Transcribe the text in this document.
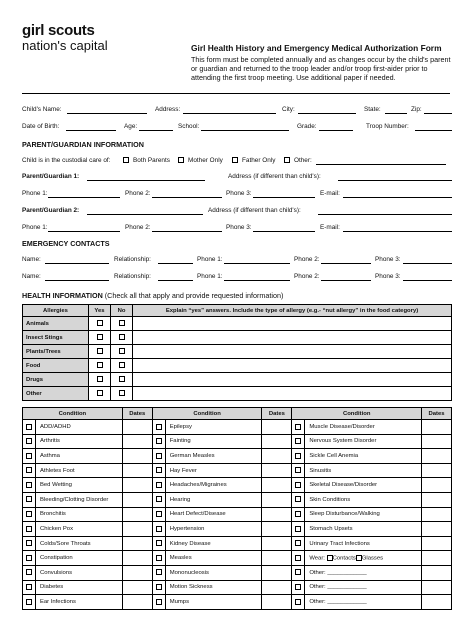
girl scouts
nation's capital	Girl Health History and Emergency Medical Authorization Form
This form must be completed annually and as changes occur by the child's parent or guardian and returned to the troop leader and/or troop first-aider prior to attending the first troop meeting. Use additional paper if needed.
Child's Name:	Address:	City:	State:	Zip:
Date of Birth:	Age:	School:	Grade:	Troop Number:
PARENT/GUARDIAN INFORMATION
Child is in the custodial care of:	Both Parents	Mother Only	Father Only	Other:
Parent/Guardian 1:	Address (if different than child's):
Phone 1:	Phone 2:	Phone 3:	E-mail:
Parent/Guardian 2:	Address (if different than child's):
Phone 1:	Phone 2:	Phone 3:	E-mail:
EMERGENCY CONTACTS
Name:	Relationship:	Phone 1:	Phone 2:	Phone 3:
Name:	Relationship:	Phone 1:	Phone 2:	Phone 3:
HEALTH INFORMATION (Check all that apply and provide requested information)
Allergies	Yes	No	Explain “yes” answers. Include the type of allergy (e.g.- “nut allergy” in the food category)
Animals			
Insect Stings			
Plants/Trees			
Food			
Drugs			
Other			
Condition		Dates	Condition		Dates	Condition		Dates
	ADD/ADHD			Epilepsy			Muscle Disease/Disorder	
	Arthritis			Fainting			Nervous System Disorder	
	Asthma			German Measles			Sickle Cell Anemia	
	Athletes Foot			Hay Fever			Sinusitis	
	Bed Wetting			Headaches/Migraines			Skeletal Disease/Disorder	
	Bleeding/Clotting Disorder			Hearing			Skin Conditions	
	Bronchitis			Heart Defect/Disease			Sleep Disturbance/Walking	
	Chicken Pox			Hypertension			Stomach Upsets	
	Colds/Sore Throats			Kidney Disease			Urinary Tract Infections	
	Constipation			Measles			Wear: Contacts Glasses	
	Convulsions			Mononucleosis			Other: ____________	
	Diabetes			Motion Sickness			Other: ____________	
	Ear Infections			Mumps			Other: ____________	
